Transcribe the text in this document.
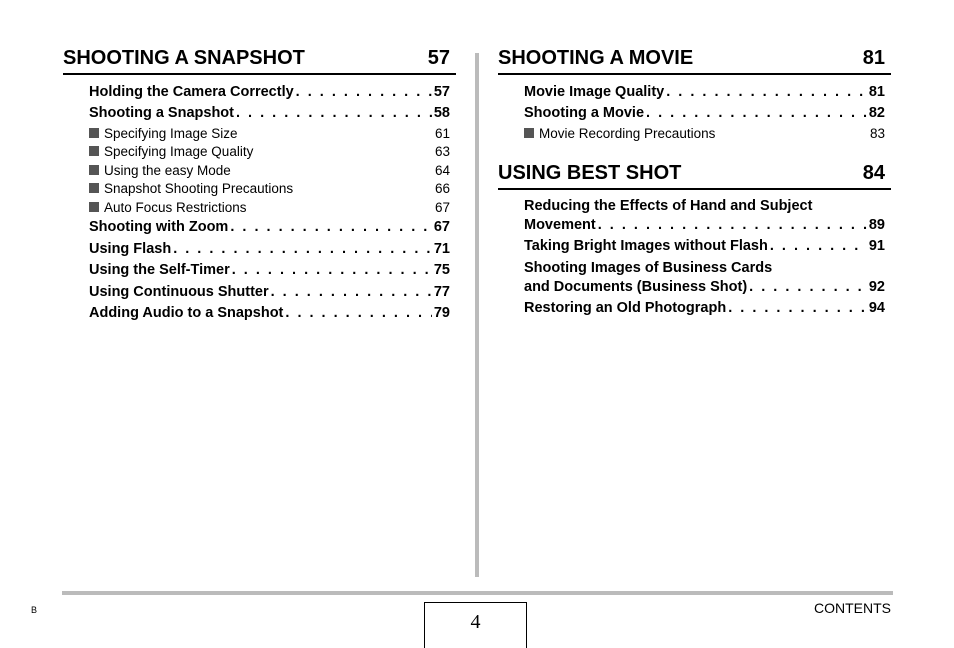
SHOOTING A SNAPSHOT	57
Holding the Camera Correctly . . .	57
Shooting a Snapshot . . .	58
Specifying Image Size	61
Specifying Image Quality	63
Using the easy Mode	64
Snapshot Shooting Precautions	66
Auto Focus Restrictions	67
Shooting with Zoom . . .	67
Using Flash . . .	71
Using the Self-Timer . . .	75
Using Continuous Shutter . . .	77
Adding Audio to a Snapshot . . .	79
SHOOTING A MOVIE	81
Movie Image Quality . . .	81
Shooting a Movie . . .	82
Movie Recording Precautions	83
USING BEST SHOT	84
Reducing the Effects of Hand and Subject
Movement . . .	89
Taking Bright Images without Flash . . .	91
Shooting Images of Business Cards
and Documents (Business Shot) . . .	92
Restoring an Old Photograph . . .	94
B
4
CONTENTS
